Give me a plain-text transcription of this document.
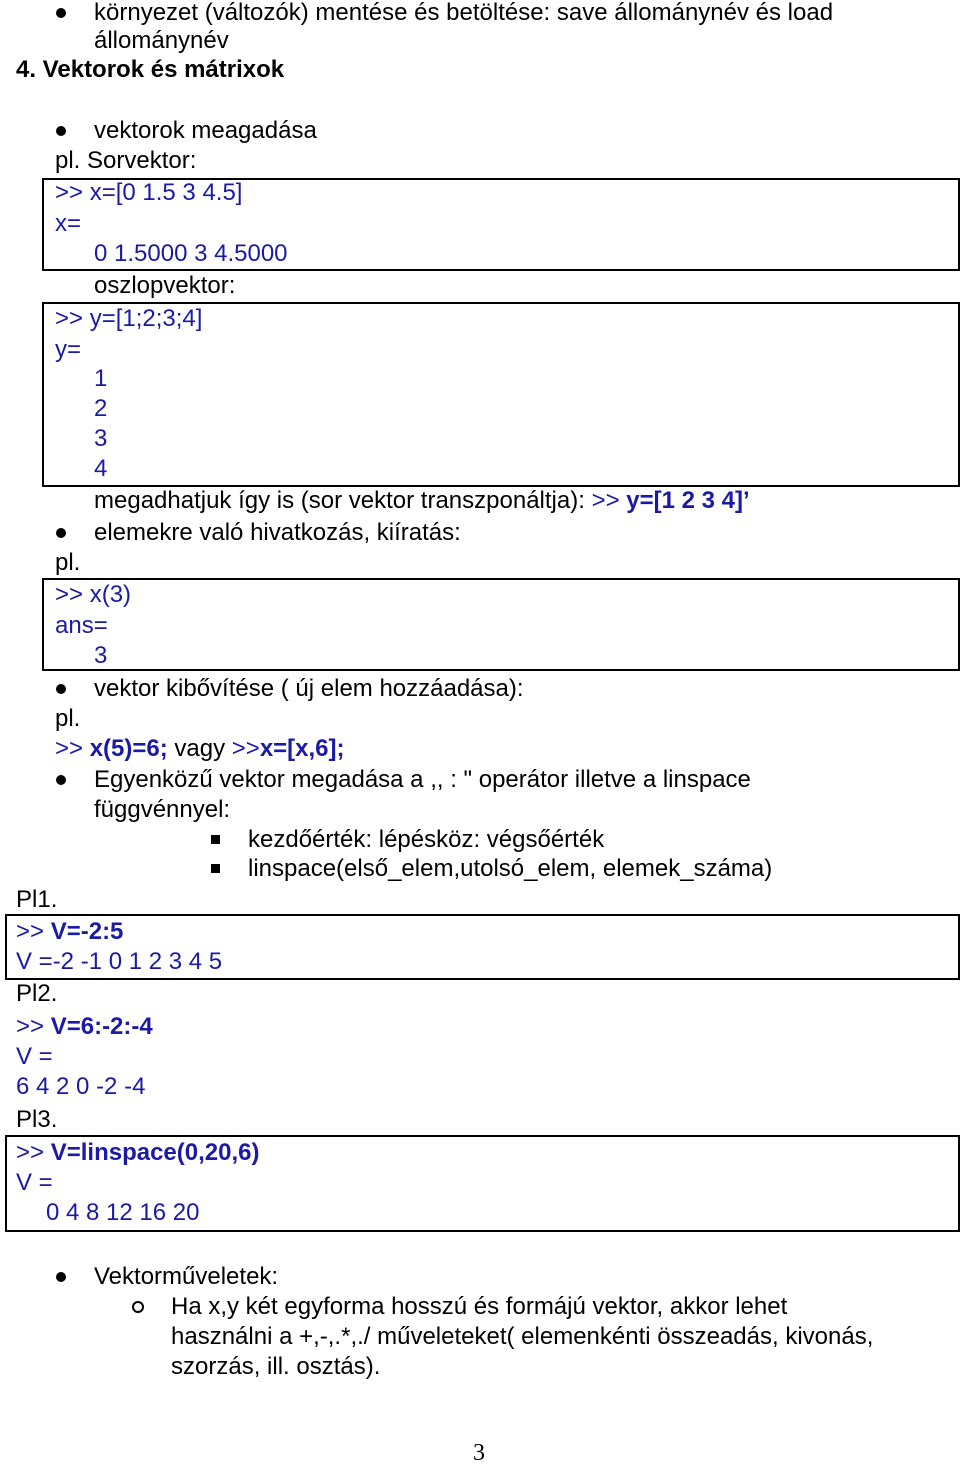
környezet (változók) mentése és betöltése: save állománynév és load
állománynév
4. Vektorok és mátrixok
vektorok meagadása
pl. Sorvektor:
>> x=[0 1.5 3 4.5]
x=
0 1.5000 3 4.5000
oszlopvektor:
>> y=[1;2;3;4]
y=
1
2
3
4
megadhatjuk így is (sor vektor transzponáltja): >> y=[1 2 3 4]’
elemekre való hivatkozás, kiíratás:
pl.
>> x(3)
ans=
3
vektor kibővítése ( új elem hozzáadása):
pl.
>> x(5)=6; vagy >>x=[x,6];
Egyenközű vektor megadása a ,, : " operátor illetve a linspace
függvénnyel:
kezdőérték: lépésköz: végsőérték
linspace(első_elem,utolsó_elem, elemek_száma)
Pl1.
>> V=-2:5
V =-2 -1 0 1 2 3 4 5
Pl2.
>> V=6:-2:-4
V =
6 4 2 0 -2 -4
Pl3.
>> V=linspace(0,20,6)
V =
0 4 8 12 16 20
Vektorműveletek:
Ha x,y két egyforma hosszú és formájú vektor, akkor lehet
használni a +,-,.*,./ műveleteket( elemenkénti összeadás, kivonás,
szorzás, ill. osztás).
3
